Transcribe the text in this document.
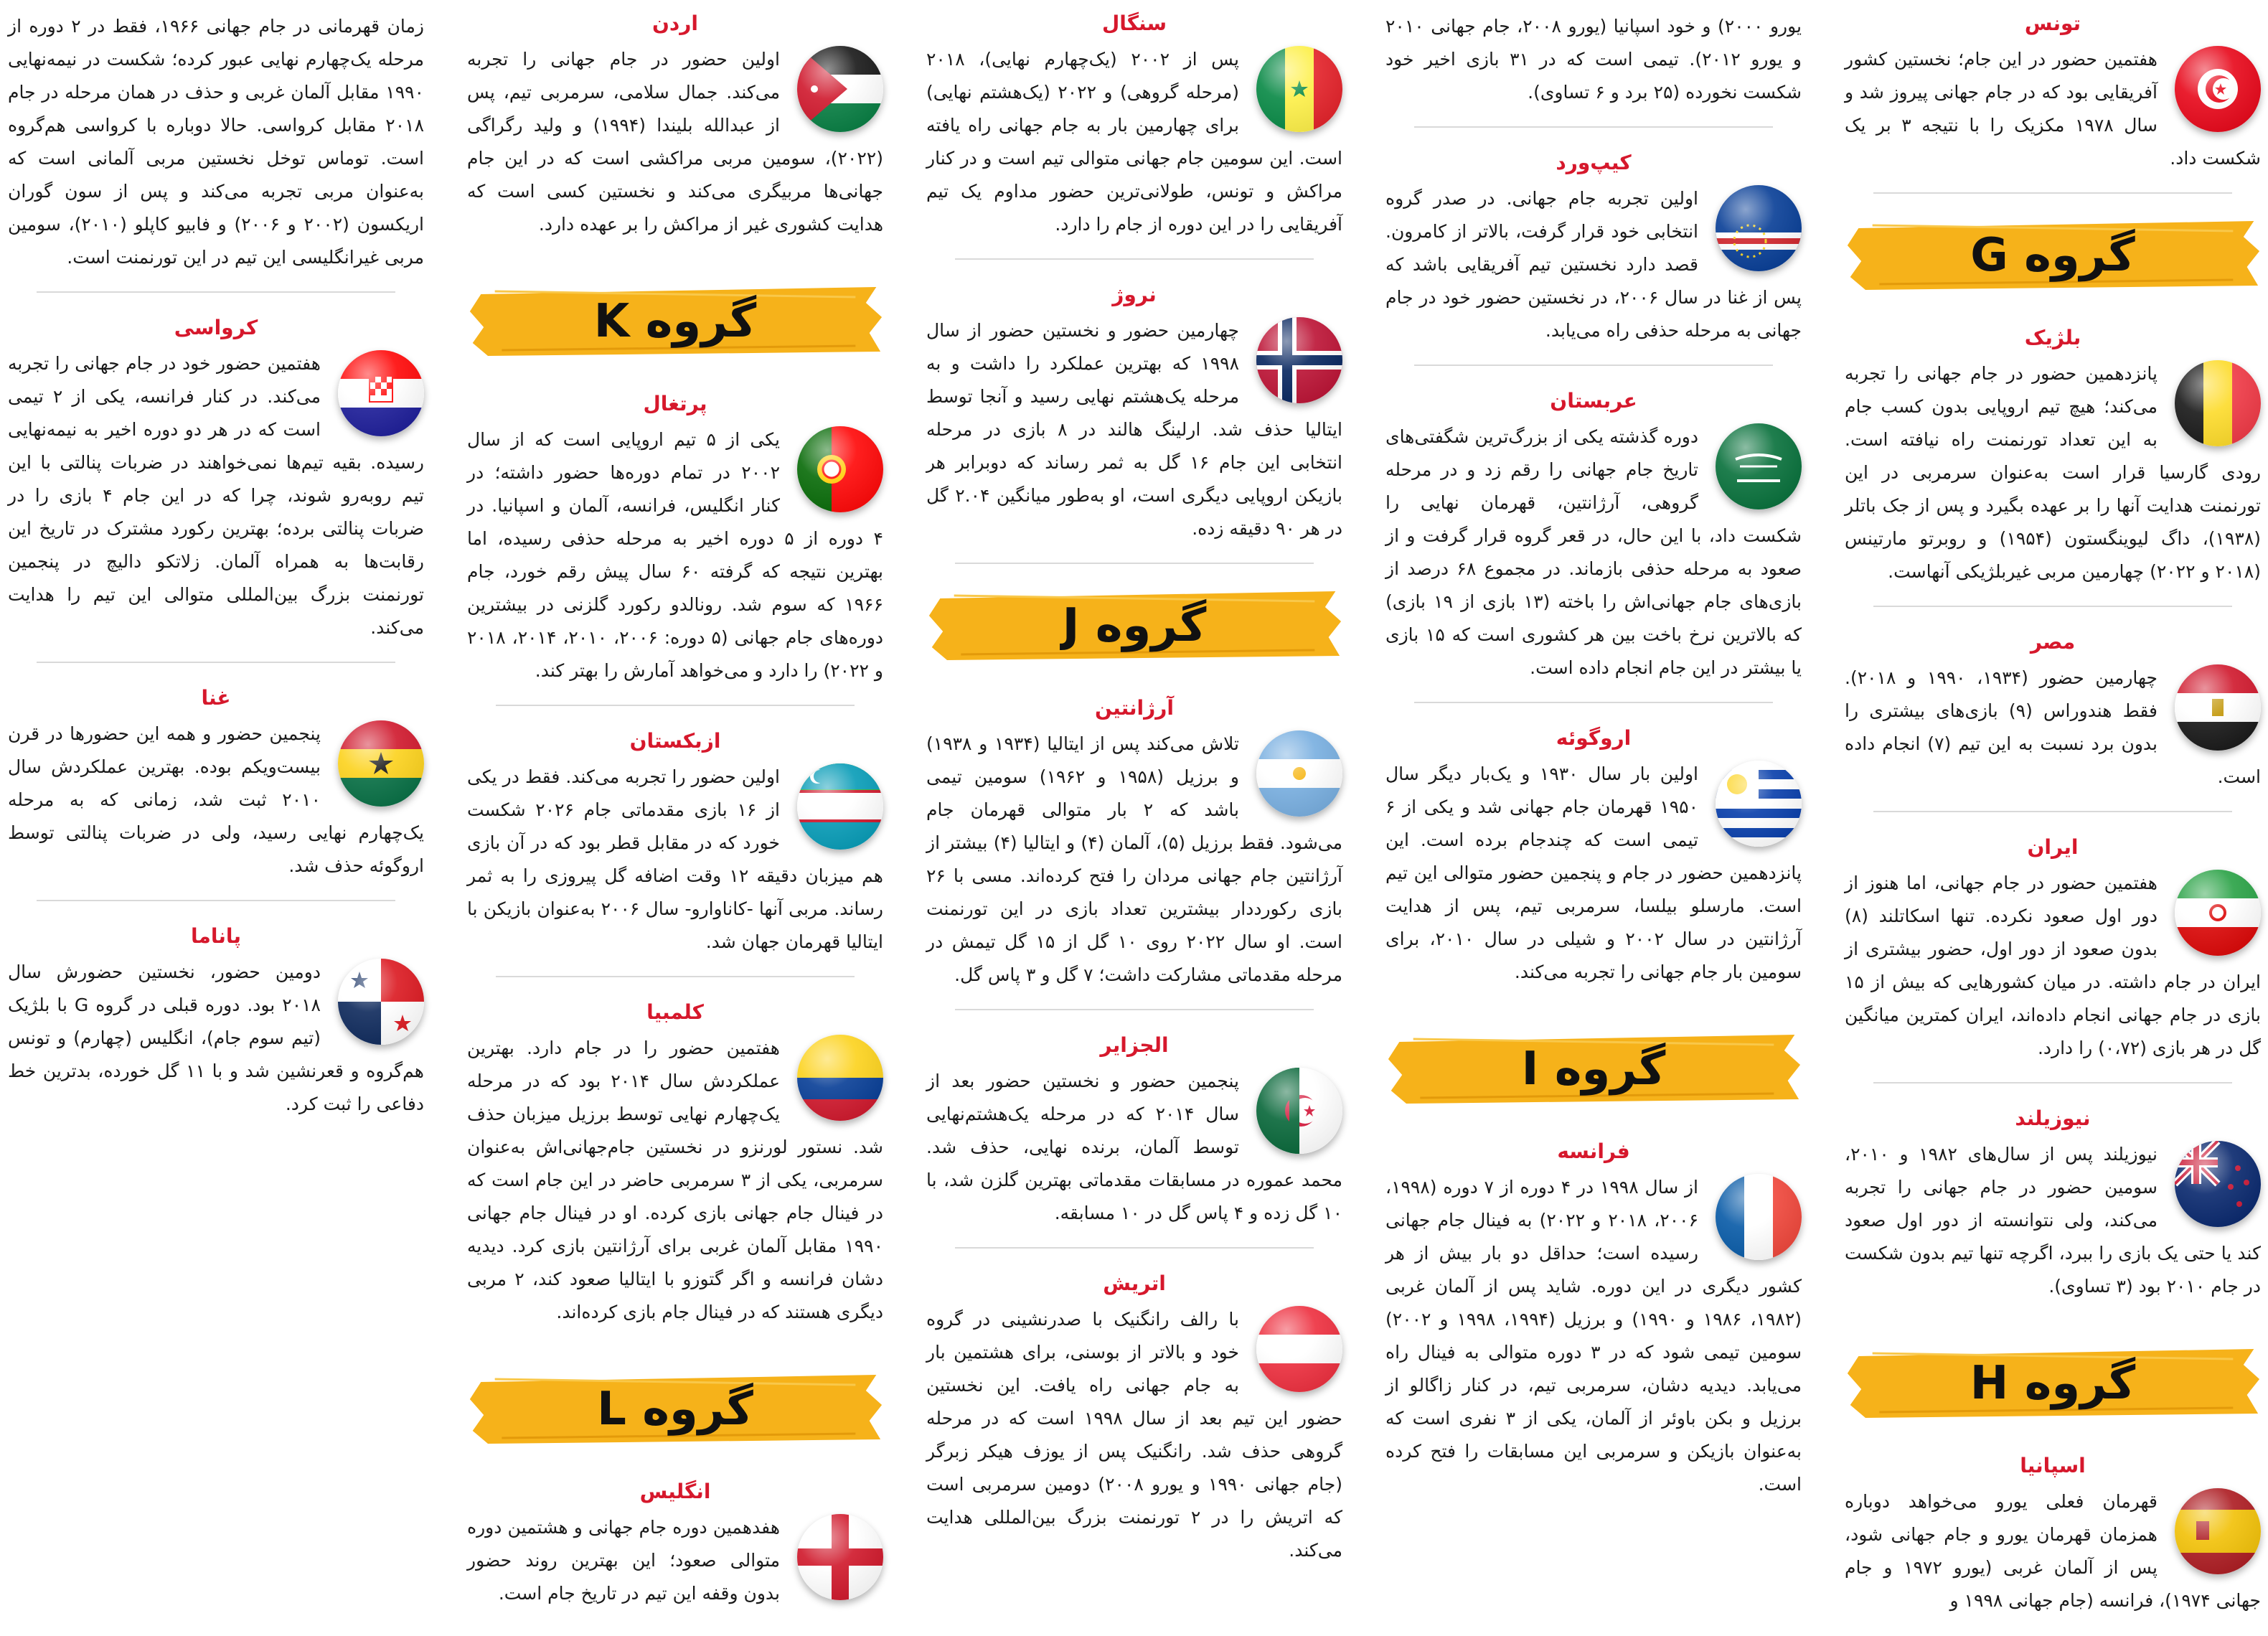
تونس

هفتمین حضور در این جام؛ نخستین کشور آفریقایی بود که در جام جهانی پیروز شد و سال ۱۹۷۸ مکزیک را با نتیجه ۳ بر یک شکست داد.

گروه G
بلژیک

پانزدهمین حضور در جام جهانی را تجربه می‌کند؛ هیچ تیم اروپایی بدون کسب جام به این تعداد تورنمنت راه نیافته است. رودی گارسیا قرار است به‌عنوان سرمربی در این تورنمنت هدایت آنها را بر عهده بگیرد و پس از جک باتلر (۱۹۳۸)، داگ لیوینگستون (۱۹۵۴) و روبرتو مارتینس (۲۰۱۸ و ۲۰۲۲) چهارمین مربی غیربلژیکی آنهاست.

مصر

چهارمین حضور (۱۹۳۴، ۱۹۹۰ و ۲۰۱۸). فقط هندوراس (۹) بازی‌های بیشتری را بدون برد نسبت به این تیم (۷) انجام داده است.

ایران

هفتمین حضور در جام جهانی، اما هنوز از دور اول صعود نکرده. تنها اسکاتلند (۸) بدون صعود از دور اول، حضور بیشتری از ایران در جام داشته. در میان کشورهایی که بیش از ۱۵ بازی در جام جهانی انجام داده‌اند، ایران کمترین میانگین گل در هر بازی (۰،۷۲) را دارد.

نیوزیلند

نیوزیلند پس از سال‌های ۱۹۸۲ و ۲۰۱۰، سومین حضور در جام جهانی را تجربه می‌کند، ولی نتوانسته از دور اول صعود کند یا حتی یک بازی را ببرد، اگرچه تنها تیم بدون شکست در جام ۲۰۱۰ بود (۳ تساوی).

گروه H
اسپانیا

قهرمان فعلی یورو می‌خواهد دوباره همزمان قهرمان یورو و جام جهانی شود، پس از آلمان غربی (یورو ۱۹۷۲ و جام جهانی ۱۹۷۴)، فرانسه (جام جهانی ۱۹۹۸ و

یورو ۲۰۰۰) و خود اسپانیا (یورو ۲۰۰۸، جام جهانی ۲۰۱۰ و یورو ۲۰۱۲). تیمی است که در ۳۱ بازی اخیر خود شکست نخورده (۲۵ برد و ۶ تساوی).

کیپ‌ورد

اولین تجربه جام جهانی. در صدر گروه انتخابی خود قرار گرفت، بالاتر از کامرون. قصد دارد نخستین تیم آفریقایی باشد که پس از غنا در سال ۲۰۰۶، در نخستین حضور خود در جام جهانی به مرحله حذفی راه می‌یابد.

عربستان

دوره گذشته یکی از بزرگ‌ترین شگفتی‌های تاریخ جام جهانی را رقم زد و در مرحله گروهی، آرژانتین، قهرمان نهایی را شکست داد، با این حال، در قعر گروه قرار گرفت و از صعود به مرحله حذفی بازماند. در مجموع ۶۸ درصد از بازی‌های جام جهانی‌اش را باخته (۱۳ بازی از ۱۹ بازی) که بالاترین نرخ باخت بین هر کشوری است که ۱۵ بازی یا بیشتر در این جام انجام داده است.

اروگوئه

اولین بار سال ۱۹۳۰ و یک‌بار دیگر سال ۱۹۵۰ قهرمان جام جهانی شد و یکی از ۶ تیمی است که چندجام برده است. این پانزدهمین حضور در جام و پنجمین حضور متوالی این تیم است. مارسلو بیلسا، سرمربی تیم، پس از هدایت آرژانتین در سال ۲۰۰۲ و شیلی در سال ۲۰۱۰، برای سومین بار جام جهانی را تجربه می‌کند.

گروه I
فرانسه

از سال ۱۹۹۸ در ۴ دوره از ۷ دوره (۱۹۹۸، ۲۰۰۶، ۲۰۱۸ و ۲۰۲۲) به فینال جام جهانی رسیده است؛ حداقل دو بار بیش از هر کشور دیگری در این دوره. شاید پس از آلمان غربی (۱۹۸۲، ۱۹۸۶ و ۱۹۹۰) و برزیل (۱۹۹۴، ۱۹۹۸ و ۲۰۰۲) سومین تیمی شود که در ۳ دوره متوالی به فینال راه می‌یابد. دیدیه دشان، سرمربی تیم، در کنار زاگالو از برزیل و بکن باوئر از آلمان، یکی از ۳ نفری است که به‌عنوان بازیکن و سرمربی این مسابقات را فتح کرده است.

سنگال

پس از ۲۰۰۲ (یک‌چهارم نهایی)، ۲۰۱۸ (مرحله گروهی) و ۲۰۲۲ (یک‌هشتم نهایی) برای چهارمین بار به جام جهانی راه یافته است. این سومین جام جهانی متوالی تیم است و در کنار مراکش و تونس، طولانی‌ترین حضور مداوم یک تیم آفریقایی را در این دوره از جام را دارد.

نروژ

چهارمین حضور و نخستین حضور از سال ۱۹۹۸ که بهترین عملکرد را داشت و به مرحله یک‌هشتم نهایی رسید و آنجا توسط ایتالیا حذف شد. ارلینگ هالند در ۸ بازی در مرحله انتخابی این جام ۱۶ گل به ثمر رساند که دوبرابر هر بازیکن اروپایی دیگری است، او به‌طور میانگین ۲.۰۴ گل در هر ۹۰ دقیقه زده.

گروه J
آرژانتین

تلاش می‌کند پس از ایتالیا (۱۹۳۴ و ۱۹۳۸) و برزیل (۱۹۵۸ و ۱۹۶۲) سومین تیمی باشد که ۲ بار متوالی قهرمان جام می‌شود. فقط برزیل (۵)، آلمان (۴) و ایتالیا (۴) بیشتر از آرژانتین جام جهانی مردان را فتح کرده‌اند. مسی با ۲۶ بازی رکورددار بیشترین تعداد بازی در این تورنمنت است. او سال ۲۰۲۲ روی ۱۰ گل از ۱۵ گل تیمش در مرحله مقدماتی مشارکت داشت؛ ۷ گل و ۳ پاس گل.

الجزایر

پنجمین حضور و نخستین حضور بعد از سال ۲۰۱۴ که در مرحله یک‌هشتم‌نهایی توسط آلمان، برنده نهایی، حذف شد. محمد عموره در مسابقات مقدماتی بهترین گلزن شد، با ۱۰ گل زده و ۴ پاس گل در ۱۰ مسابقه.

اتریش

با رالف رانگنیک با صدرنشینی در گروه خود و بالاتر از بوسنی، برای هشتمین بار به جام جهانی راه یافت. این نخستین حضور این تیم بعد از سال ۱۹۹۸ است که در مرحله گروهی حذف شد. رانگنیک پس از یوزف هیکر زبرگر (جام جهانی ۱۹۹۰ و یورو ۲۰۰۸) دومین سرمربی است که اتریش را در ۲ تورنمنت بزرگ بین‌المللی هدایت می‌کند.

اردن

اولین حضور در جام جهانی را تجربه می‌کند. جمال سلامی، سرمربی تیم، پس از عبدالله بلیندا (۱۹۹۴) و ولید رگراگی (۲۰۲۲)، سومین مربی مراکشی است که در این جام جهانی‌ها مربیگری می‌کند و نخستین کسی است که هدایت کشوری غیر از مراکش را بر عهده دارد.

گروه K
پرتغال

یکی از ۵ تیم اروپایی است که از سال ۲۰۰۲ در تمام دوره‌ها حضور داشته؛ در کنار انگلیس، فرانسه، آلمان و اسپانیا. در ۴ دوره از ۵ دوره اخیر به مرحله حذفی رسیده، اما بهترین نتیجه که گرفته ۶۰ سال پیش رقم خورد، جام ۱۹۶۶ که سوم شد. رونالدو رکورد گلزنی در بیشترین دوره‌های جام جهانی (۵ دوره: ۲۰۰۶، ۲۰۱۰، ۲۰۱۴، ۲۰۱۸ و ۲۰۲۲) را دارد و می‌خواهد آمارش را بهتر کند.

ازبکستان

اولین حضور را تجربه می‌کند. فقط در یکی از ۱۶ بازی مقدماتی جام ۲۰۲۶ شکست خورد که در مقابل قطر بود که در آن بازی هم میزبان دقیقه ۱۲ وقت اضافه گل پیروزی را به ثمر رساند. مربی آنها -کاناوارو- سال ۲۰۰۶ به‌عنوان بازیکن با ایتالیا قهرمان جهان شد.

کلمبیا

هفتمین حضور را در جام دارد. بهترین عملکردش سال ۲۰۱۴ بود که در مرحله یک‌چهارم نهایی توسط برزیل میزبان حذف شد. نستور لورنزو در نخستین جام‌جهانی‌اش به‌عنوان سرمربی، یکی از ۳ سرمربی حاضر در این جام است که در فینال جام جهانی بازی کرده. او در فینال جام جهانی ۱۹۹۰ مقابل آلمان غربی برای آرژانتین بازی کرد. دیدیه دشان فرانسه و اگر گتوزو با ایتالیا صعود کند، ۲ مربی دیگری هستند که در فینال جام بازی کرده‌اند.

گروه L
انگلیس

هفدهمین دوره جام جهانی و هشتمین دوره متوالی صعود؛ این بهترین روند حضور بدون وقفه این تیم در تاریخ جام است.

زمان قهرمانی در جام جهانی ۱۹۶۶، فقط در ۲ دوره از مرحله یک‌چهارم نهایی عبور کرده؛ شکست در نیمه‌نهایی ۱۹۹۰ مقابل آلمان غربی و حذف در همان مرحله در جام ۲۰۱۸ مقابل کرواسی. حالا دوباره با کرواسی هم‌گروه است. توماس توخل نخستین مربی آلمانی است که به‌عنوان مربی تجربه می‌کند و پس از سون گوران اریکسون (۲۰۰۲ و ۲۰۰۶) و فابیو کاپلو (۲۰۱۰)، سومین مربی غیرانگلیسی این تیم در این تورنمنت است.

کرواسی

هفتمین حضور خود در جام جهانی را تجربه می‌کند. در کنار فرانسه، یکی از ۲ تیمی است که در هر دو دوره اخیر به نیمه‌نهایی رسیده. بقیه تیم‌ها نمی‌خواهند در ضربات پنالتی با این تیم روبه‌رو شوند، چرا که در این جام ۴ بازی را در ضربات پنالتی برده؛ بهترین رکورد مشترک در تاریخ این رقابت‌ها به همراه آلمان. زلاتکو دالیچ در پنجمین تورنمنت بزرگ بین‌المللی متوالی این تیم را هدایت می‌کند.

غنا

پنجمین حضور و همه این حضورها در قرن بیست‌ویکم بوده. بهترین عملکردش سال ۲۰۱۰ ثبت شد، زمانی که به مرحله یک‌چهارم نهایی رسید، ولی در ضربات پنالتی توسط اروگوئه حذف شد.

پاناما

دومین حضور، نخستین حضورش سال ۲۰۱۸ بود. دوره قبلی در گروه G با بلژیک (تیم سوم جام)، انگلیس (چهارم) و تونس هم‌گروه و قعرنشین شد و با ۱۱ گل خورده، بدترین خط دفاعی را ثبت کرد.
